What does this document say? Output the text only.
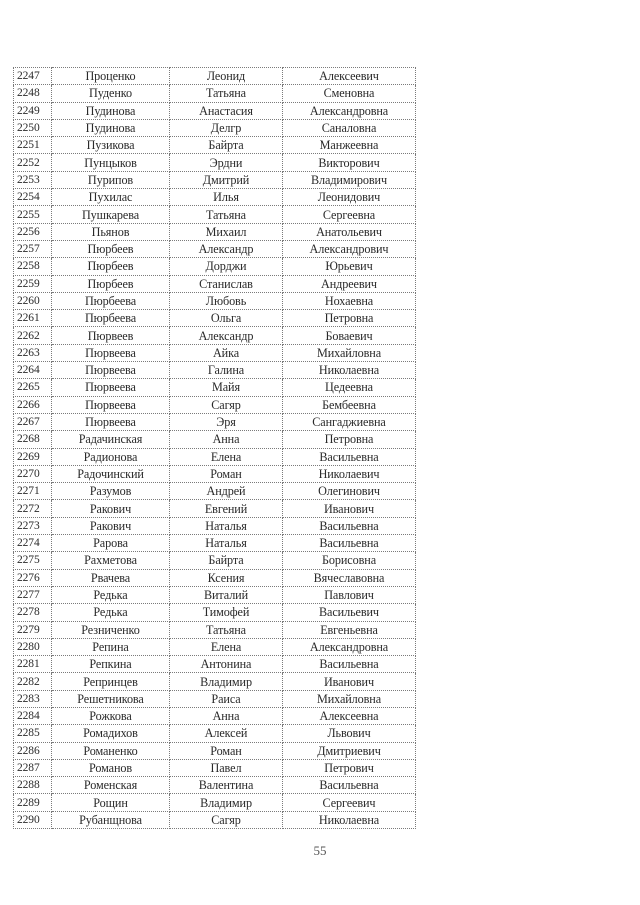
2247	Проценко	Леонид	Алексеевич
2248	Пуденко	Татьяна	Сменовна
2249	Пудинова	Анастасия	Александровна
2250	Пудинова	Делгр	Саналовна
2251	Пузикова	Байрта	Манжеевна
2252	Пунцыков	Эрдни	Викторович
2253	Пурипов	Дмитрий	Владимирович
2254	Пухилас	Илья	Леонидович
2255	Пушкарева	Татьяна	Сергеевна
2256	Пьянов	Михаил	Анатольевич
2257	Пюрбеев	Александр	Александрович
2258	Пюрбеев	Дорджи	Юрьевич
2259	Пюрбеев	Станислав	Андреевич
2260	Пюрбеева	Любовь	Нохаевна
2261	Пюрбеева	Ольга	Петровна
2262	Пюрвеев	Александр	Боваевич
2263	Пюрвеева	Айка	Михайловна
2264	Пюрвеева	Галина	Николаевна
2265	Пюрвеева	Майя	Цедеевна
2266	Пюрвеева	Сагяр	Бембеевна
2267	Пюрвеева	Эря	Сангаджиевна
2268	Радачинская	Анна	Петровна
2269	Радионова	Елена	Васильевна
2270	Радочинский	Роман	Николаевич
2271	Разумов	Андрей	Олегинович
2272	Ракович	Евгений	Иванович
2273	Ракович	Наталья	Васильевна
2274	Рарова	Наталья	Васильевна
2275	Рахметова	Байрта	Борисовна
2276	Рвачева	Ксения	Вячеславовна
2277	Редька	Виталий	Павлович
2278	Редька	Тимофей	Васильевич
2279	Резниченко	Татьяна	Евгеньевна
2280	Репина	Елена	Александровна
2281	Репкина	Антонина	Васильевна
2282	Репринцев	Владимир	Иванович
2283	Решетникова	Раиса	Михайловна
2284	Рожкова	Анна	Алексеевна
2285	Ромадихов	Алексей	Львович
2286	Романенко	Роман	Дмитриевич
2287	Романов	Павел	Петрович
2288	Роменская	Валентина	Васильевна
2289	Рощин	Владимир	Сергеевич
2290	Рубанщнова	Сагяр	Николаевна
55
